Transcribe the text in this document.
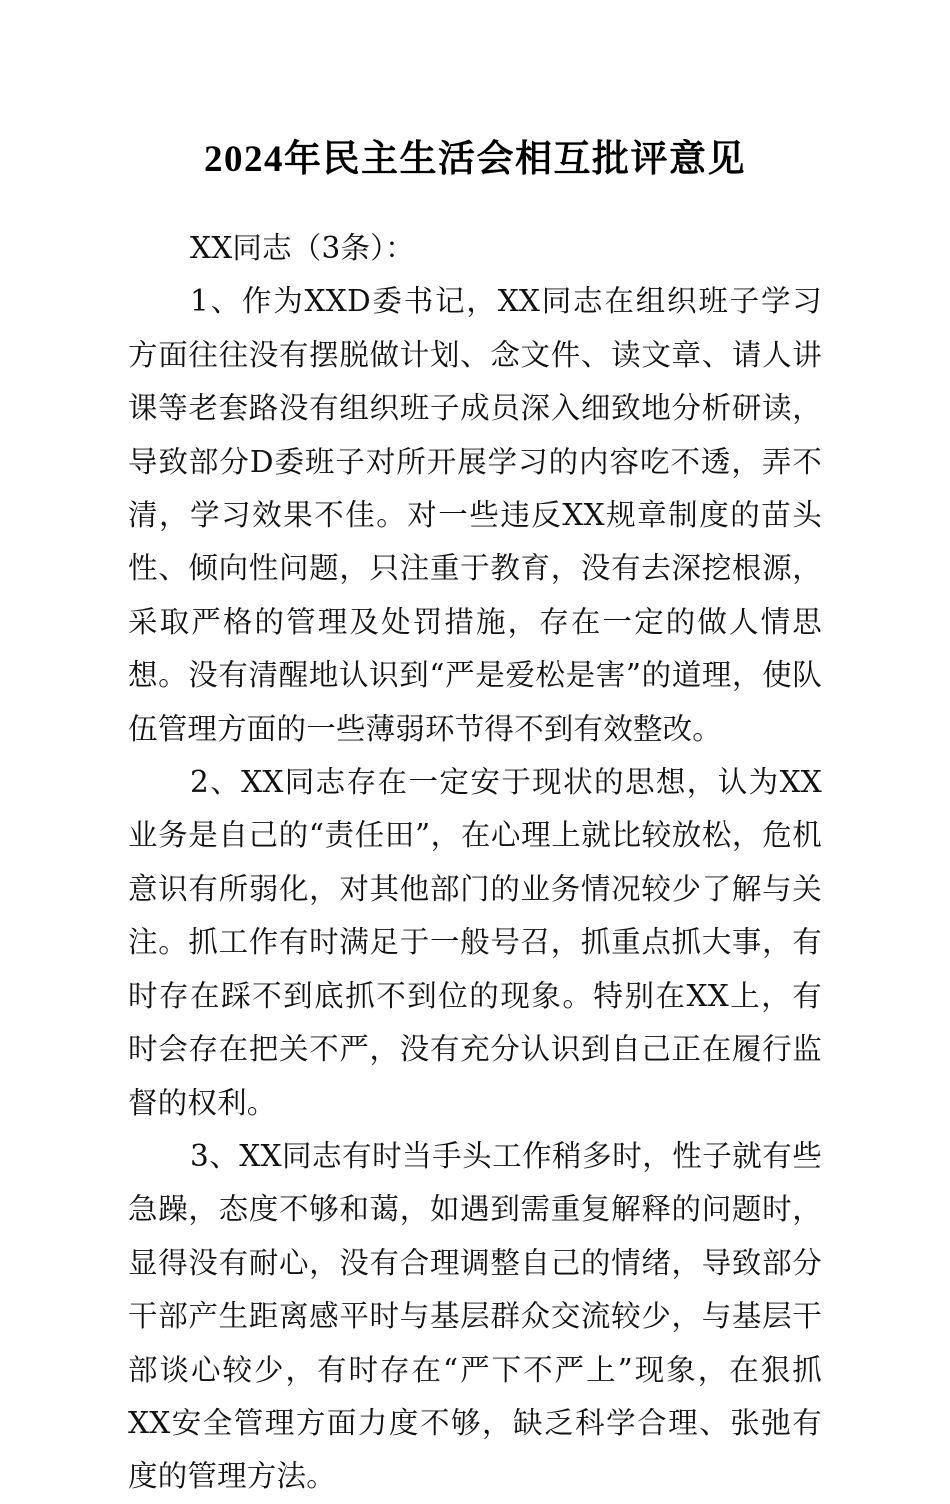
2024年民主生活会相互批评意见

XX同志（3条）：

1、作为XXD委书记，XX同志在组织班子学习方面往往没有摆脱做计划、念文件、读文章、请人讲课等老套路没有组织班子成员深入细致地分析研读，导致部分D委班子对所开展学习的内容吃不透，弄不清，学习效果不佳。对一些违反XX规章制度的苗头性、倾向性问题，只注重于教育，没有去深挖根源，采取严格的管理及处罚措施，存在一定的做人情思想。没有清醒地认识到“严是爱松是害”的道理，使队伍管理方面的一些薄弱环节得不到有效整改。

2、XX同志存在一定安于现状的思想，认为XX业务是自己的“责任田”，在心理上就比较放松，危机意识有所弱化，对其他部门的业务情况较少了解与关注。抓工作有时满足于一般号召，抓重点抓大事，有时存在踩不到底抓不到位的现象。特别在XX上，有时会存在把关不严，没有充分认识到自己正在履行监督的权利。

3、XX同志有时当手头工作稍多时，性子就有些急躁，态度不够和蔼，如遇到需重复解释的问题时，显得没有耐心，没有合理调整自己的情绪，导致部分干部产生距离感平时与基层群众交流较少，与基层干部谈心较少，有时存在“严下不严上”现象，在狠抓XX安全管理方面力度不够，缺乏科学合理、张弛有度的管理方法。
